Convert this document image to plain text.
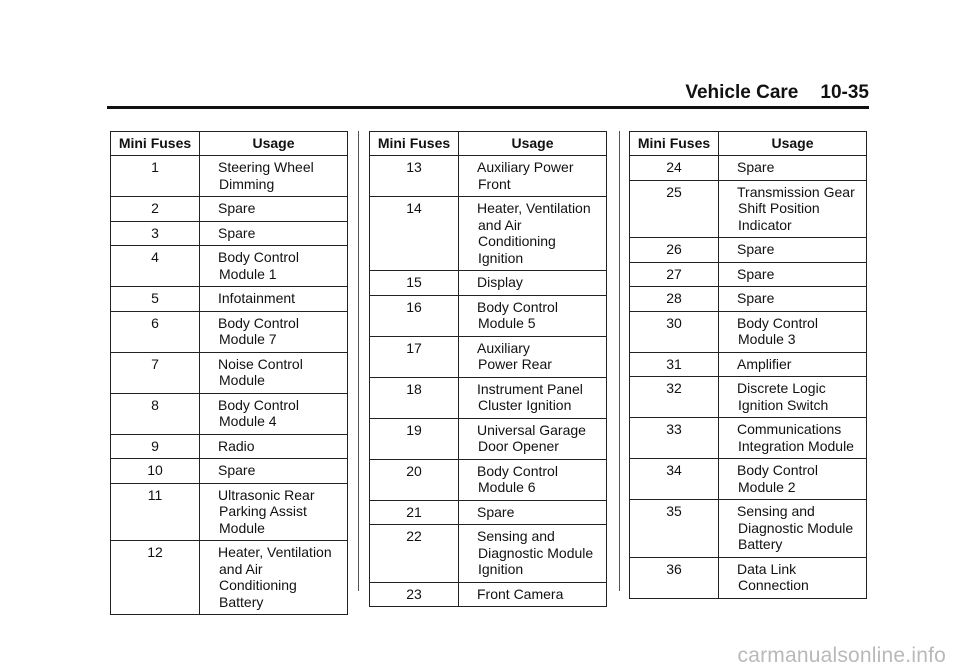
Vehicle Care 10-35
Mini Fuses	Usage
1	Steering Wheel
Dimming
2	Spare
3	Spare
4	Body Control
Module 1
5	Infotainment
6	Body Control
Module 7
7	Noise Control
Module
8	Body Control
Module 4
9	Radio
10	Spare
11	Ultrasonic Rear
Parking Assist
Module
12	Heater, Ventilation
and Air Conditioning
Battery
Mini Fuses	Usage
13	Auxiliary Power
Front
14	Heater, Ventilation
and Air Conditioning
Ignition
15	Display
16	Body Control
Module 5
17	Auxiliary
Power Rear
18	Instrument Panel
Cluster Ignition
19	Universal Garage
Door Opener
20	Body Control
Module 6
21	Spare
22	Sensing and
Diagnostic Module
Ignition
23	Front Camera
Mini Fuses	Usage
24	Spare
25	Transmission Gear
Shift Position
Indicator
26	Spare
27	Spare
28	Spare
30	Body Control
Module 3
31	Amplifier
32	Discrete Logic
Ignition Switch
33	Communications
Integration Module
34	Body Control
Module 2
35	Sensing and
Diagnostic Module
Battery
36	Data Link
Connection
carmanualsonline.info
